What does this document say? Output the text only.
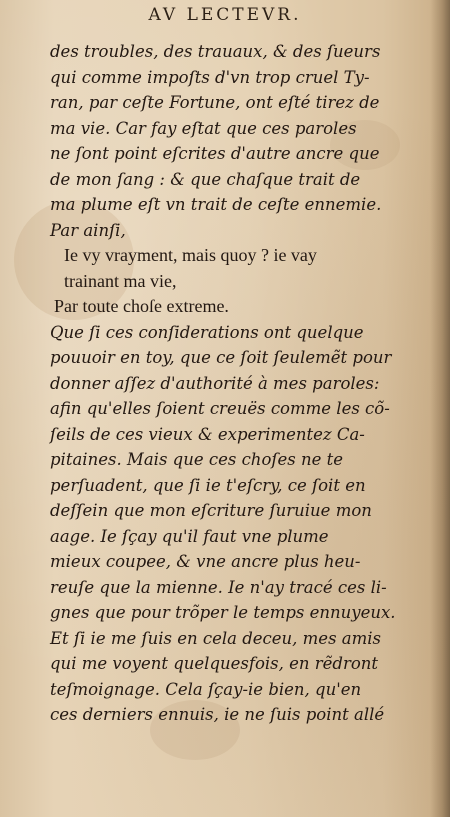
AV LECTEVR.
des troubles, des trauaux, & des ſueurs
qui comme impoſts d'vn trop cruel Ty-
ran, par ceſte Fortune, ont eſté tirez de
ma vie. Car fay eſtat que ces paroles
ne ſont point eſcrites d'autre ancre que
de mon ſang : & que chaſque trait de
ma plume eſt vn trait de ceſte ennemie.
Par ainſi,
Ie vy vrayment, mais quoy ? ie vay
trainant ma vie,
Par toute choſe extreme.
Que ſi ces conſiderations ont quelque
pouuoir en toy, que ce ſoit ſeulemẽt pour
donner aſſez d'authorité à mes paroles:
afin qu'elles ſoient creuës comme les cõ-
ſeils de ces vieux & experimentez Ca-
pitaines. Mais que ces choſes ne te
perſuadent, que ſi ie t'eſcry, ce ſoit en
deſſein que mon eſcriture ſuruiue mon
aage. Ie ſçay qu'il faut vne plume
mieux coupee, & vne ancre plus heu-
reuſe que la mienne. Ie n'ay tracé ces li-
gnes que pour trõper le temps ennuyeux.
Et ſi ie me ſuis en cela deceu, mes amis
qui me voyent quelquesfois, en rẽdront
teſmoignage. Cela ſçay-ie bien, qu'en
ces derniers ennuis, ie ne ſuis point allé
